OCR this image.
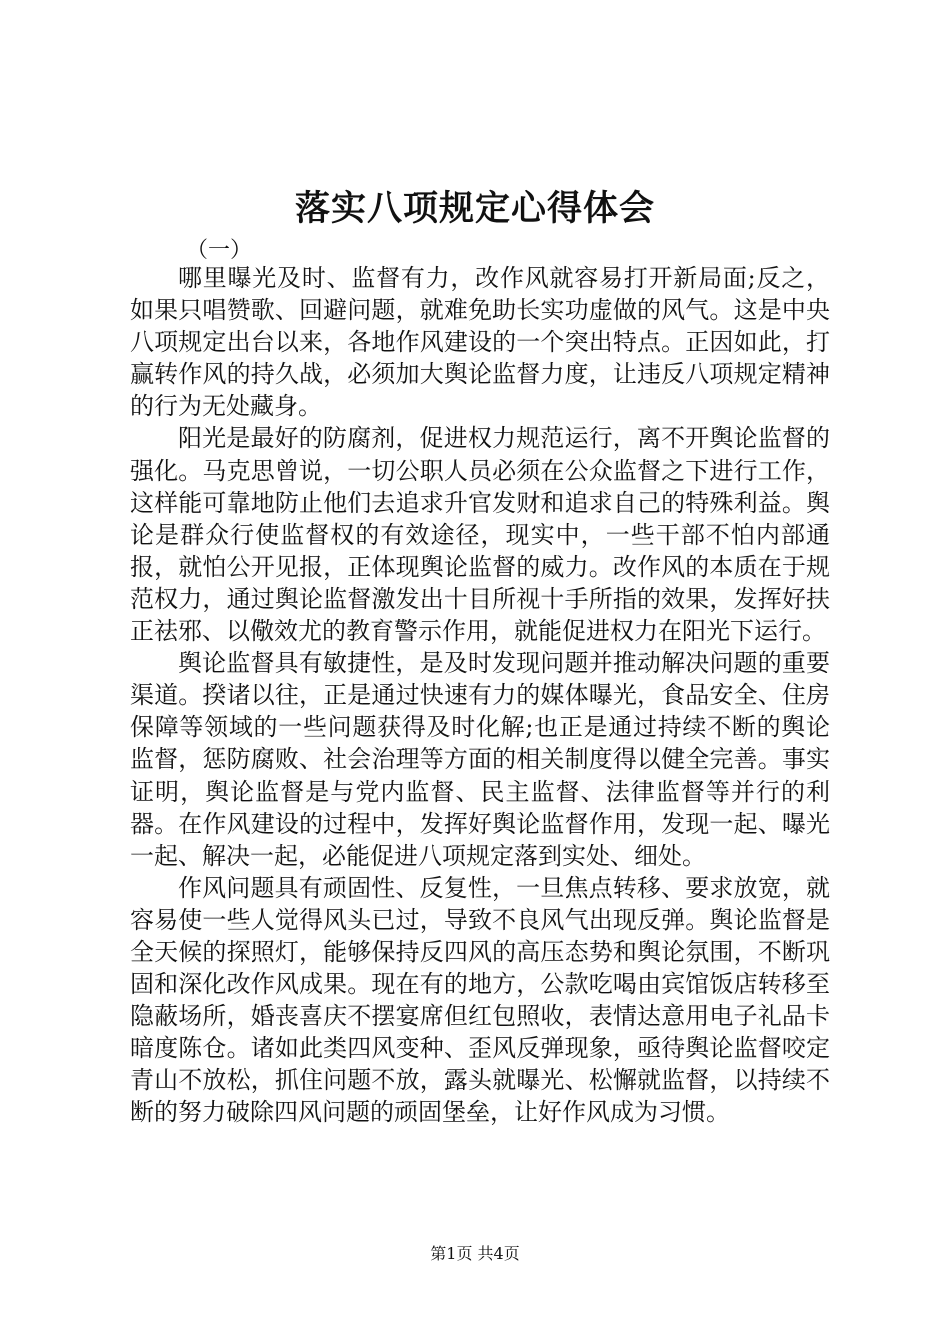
落实八项规定心得体会
（一）

哪里曝光及时、监督有力，改作风就容易打开新局面;反之，如果只唱赞歌、回避问题，就难免助长实功虚做的风气。这是中央八项规定出台以来，各地作风建设的一个突出特点。正因如此，打赢转作风的持久战，必须加大舆论监督力度，让违反八项规定精神的行为无处藏身。

阳光是最好的防腐剂，促进权力规范运行，离不开舆论监督的强化。马克思曾说，一切公职人员必须在公众监督之下进行工作，这样能可靠地防止他们去追求升官发财和追求自己的特殊利益。舆论是群众行使监督权的有效途径，现实中，一些干部不怕内部通报，就怕公开见报，正体现舆论监督的威力。改作风的本质在于规范权力，通过舆论监督激发出十目所视十手所指的效果，发挥好扶正祛邪、以儆效尤的教育警示作用，就能促进权力在阳光下运行。

舆论监督具有敏捷性，是及时发现问题并推动解决问题的重要渠道。揆诸以往，正是通过快速有力的媒体曝光，食品安全、住房保障等领域的一些问题获得及时化解;也正是通过持续不断的舆论监督，惩防腐败、社会治理等方面的相关制度得以健全完善。事实证明，舆论监督是与党内监督、民主监督、法律监督等并行的利器。在作风建设的过程中，发挥好舆论监督作用，发现一起、曝光一起、解决一起，必能促进八项规定落到实处、细处。

作风问题具有顽固性、反复性，一旦焦点转移、要求放宽，就容易使一些人觉得风头已过，导致不良风气出现反弹。舆论监督是全天候的探照灯，能够保持反四风的高压态势和舆论氛围，不断巩固和深化改作风成果。现在有的地方，公款吃喝由宾馆饭店转移至隐蔽场所，婚丧喜庆不摆宴席但红包照收，表情达意用电子礼品卡暗度陈仓。诸如此类四风变种、歪风反弹现象，亟待舆论监督咬定青山不放松，抓住问题不放，露头就曝光、松懈就监督，以持续不断的努力破除四风问题的顽固堡垒，让好作风成为习惯。

第1页 共4页
